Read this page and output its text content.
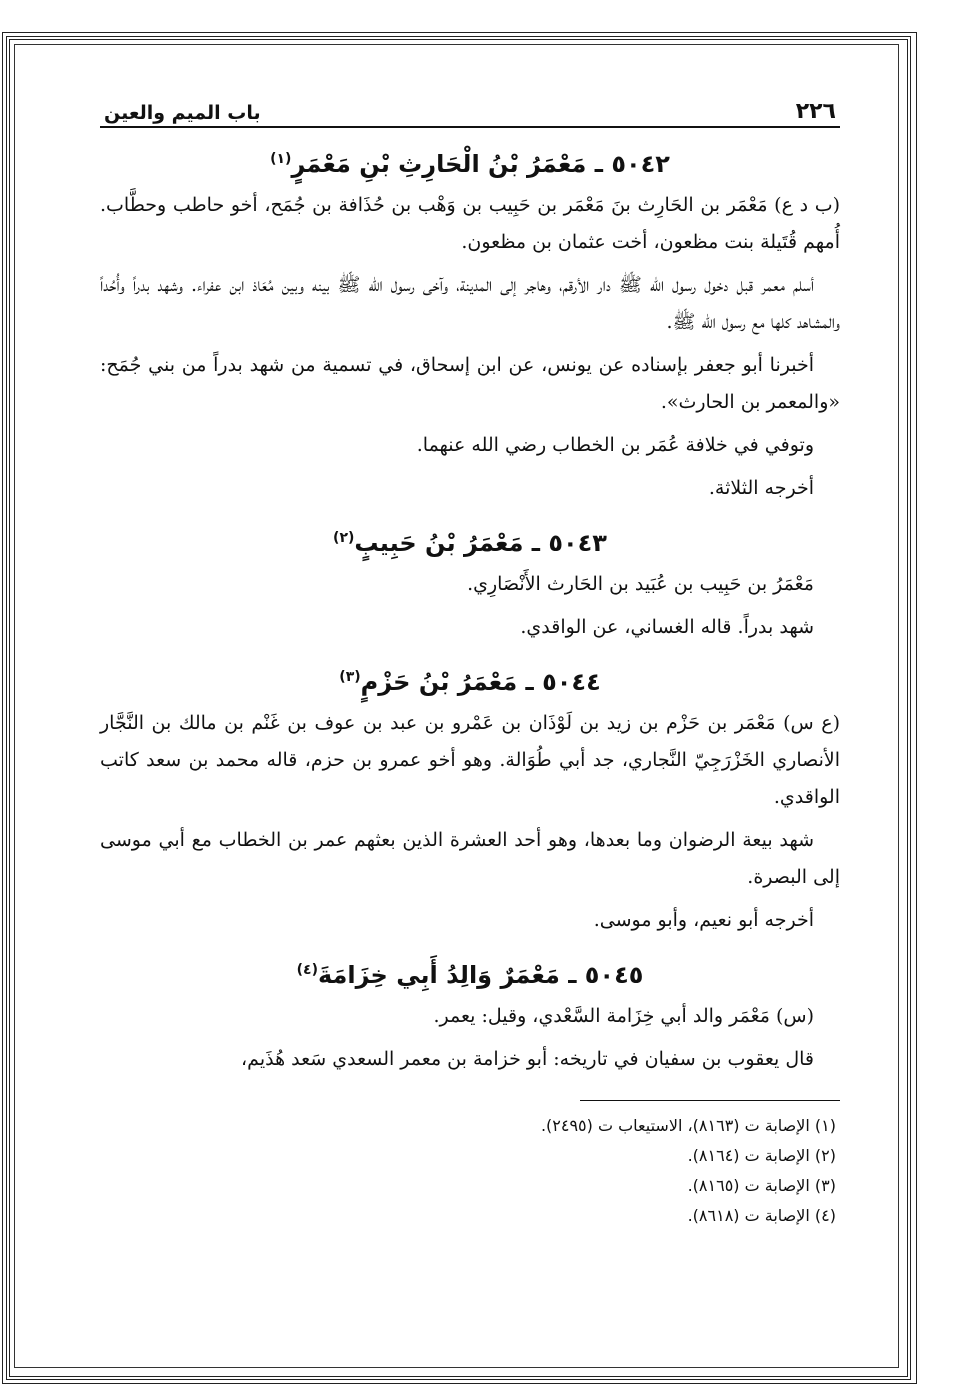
٢٢٦
باب الميم والعين
٥٠٤٢ ـ مَعْمَرُ بْنُ الْحَارِثِ بْنِ مَعْمَرٍ$^{(١)}$

(ب د ع) مَعْمَر بن الحَارِث بنَ مَعْمَر بن حَبِيب بن وَهْب بن حُذَافة بن جُمَح، أخو حاطب وحطَّاب. أُمهم قُتَيلة بنت مظعون، أخت عثمان بن مظعون.

أسلم معمر قبل دخول رسول الله ﷺ دار الأرقم، وهاجر إلى المدينة، وآخى رسول الله ﷺ بينه وبين مُعَاذ ابن عفراء. وشهد بدراً وأُحُداً والمشاهد كلها مع رسول الله ﷺ.

أخبرنا أبو جعفر بإسناده عن يونس، عن ابن إسحاق، في تسمية من شهد بدراً من بني جُمَح: «والمعمر بن الحارث».

وتوفي في خلافة عُمَر بن الخطاب رضي الله عنهما.

أخرجه الثلاثة.

٥٠٤٣ ـ مَعْمَرُ بْنُ حَبِيبٍ$^{(٢)}$

مَعْمَرُ بن حَبِيب بن عُبَيد بن الحَارث الأَنْصَارِي.

شهد بدراً. قاله الغساني، عن الواقدي.

٥٠٤٤ ـ مَعْمَرُ بْنُ حَزْمٍ$^{(٣)}$

(ع س) مَعْمَر بن حَزْم بن زيد بن لَوْذَان بن عَمْرو بن عبد بن عوف بن غَنْم بن مالك بن النَّجَّار الأنصاري الخَزْرَجِيّ النَّجاري، جد أبي طُوَالة. وهو أخو عمرو بن حزم، قاله محمد بن سعد كاتب الواقدي.

شهد بيعة الرضوان وما بعدها، وهو أحد العشرة الذين بعثهم عمر بن الخطاب مع أبي موسى إلى البصرة.

أخرجه أبو نعيم، وأبو موسى.

٥٠٤٥ ـ مَعْمَرٌ وَالِدُ أَبِي خِزَامَةَ$^{(٤)}$

(س) مَعْمَر والد أبي خِزَامة السَّعْدي، وقيل: يعمر.

قال يعقوب بن سفيان في تاريخه: أبو خزامة بن معمر السعدي سَعد هُذَيم،

(١) الإصابة ت (٨١٦٣)، الاستيعاب ت (٢٤٩٥).
(٢) الإصابة ت (٨١٦٤).
(٣) الإصابة ت (٨١٦٥).
(٤) الإصابة ت (٨٦١٨).
